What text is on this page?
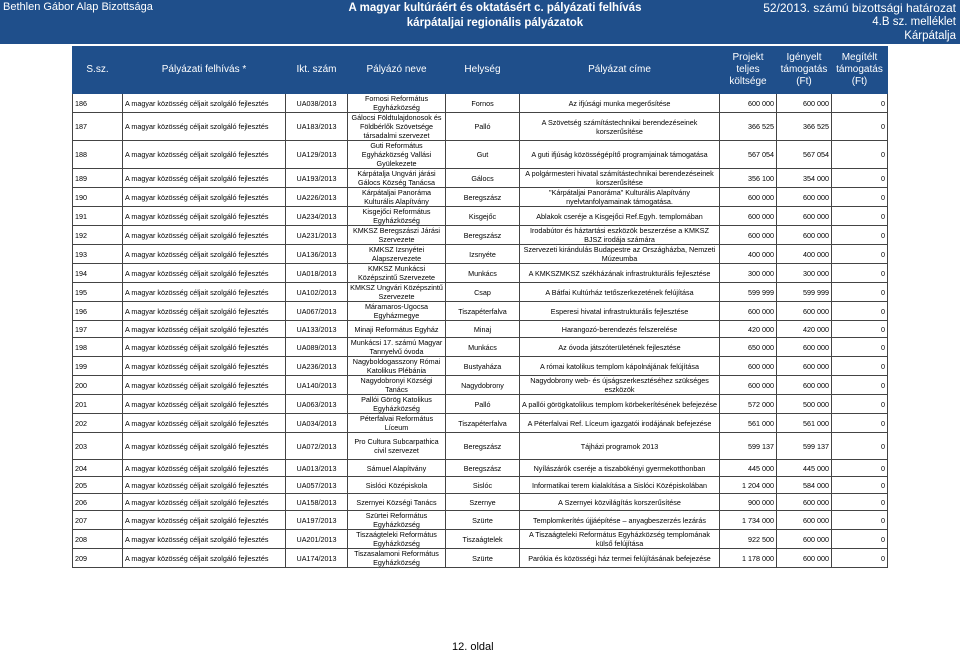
Bethlen Gábor Alap Bizottsága	A magyar kultúráért és oktatásért c. pályázati felhívás
kárpátaljai regionális pályázatok
52/2013. számú bizottsági határozat
4.B sz. melléklet
Kárpátalja
S.sz.	Pályázati felhívás *	Ikt. szám	Pályázó neve	Helység	Pályázat címe	Projekt teljes költsége	Igényelt támogatás (Ft)	Megítélt támogatás (Ft)
186	A magyar közösség céljait szolgáló fejlesztés	UA038/2013	Fornosi Református Egyházközség	Fornos	Az ifjúsági munka megerősítése	600 000	600 000	0
187	A magyar közösség céljait szolgáló fejlesztés	UA183/2013	Gálocsi Földtulajdonosok és Földbérlők Szövetsége társadalmi szervezet	Palló	A Szövetség számítástechnikai berendezéseinek korszerűsítése	366 525	366 525	0
188	A magyar közösség céljait szolgáló fejlesztés	UA129/2013	Guti Református Egyházközség Vallási Gyülekezete	Gut	A guti ifjúság közösségépítő programjainak támogatása	567 054	567 054	0
189	A magyar közösség céljait szolgáló fejlesztés	UA193/2013	Kárpátalja Ungvári járási Gálocs Község Tanácsa	Gálocs	A polgármesteri hivatal számítástechnikai berendezéseinek korszerűsítése	356 100	354 000	0
190	A magyar közösség céljait szolgáló fejlesztés	UA226/2013	Kárpátaljai Panoráma Kulturális Alapítvány	Beregszász	"Kárpátaljai Panoráma" Kulturális Alapítvány nyelvtanfolyamainak támogatása.	600 000	600 000	0
191	A magyar közösség céljait szolgáló fejlesztés	UA234/2013	Kisgejőci Református Egyházközség	Kisgejőc	Ablakok cseréje a Kisgejőci Ref.Egyh. templomában	600 000	600 000	0
192	A magyar közösség céljait szolgáló fejlesztés	UA231/2013	KMKSZ Beregszászi Járási Szervezete	Beregszász	Irodabútor és háztartási eszközök beszerzése a KMKSZ BJSZ irodája számára	600 000	600 000	0
193	A magyar közösség céljait szolgáló fejlesztés	UA136/2013	KMKSZ Izsnyétei Alapszervezete	Izsnyéte	Szervezeti kirándulás Budapestre az Országházba, Nemzeti Múzeumba	400 000	400 000	0
194	A magyar közösség céljait szolgáló fejlesztés	UA018/2013	KMKSZ Munkácsi Középszintű Szervezete	Munkács	A KMKSZMKSZ székházának infrastrukturális fejlesztése	300 000	300 000	0
195	A magyar közösség céljait szolgáló fejlesztés	UA102/2013	KMKSZ Ungvári Középszintű Szervezete	Csap	A Bátfai Kultúrház tetőszerkezetének felújítása	599 999	599 999	0
196	A magyar közösség céljait szolgáló fejlesztés	UA067/2013	Máramaros-Ugocsa Egyházmegye	Tiszapéterfalva	Esperesi hivatal infrastrukturális fejlesztése	600 000	600 000	0
197	A magyar közösség céljait szolgáló fejlesztés	UA133/2013	Minaji Református Egyház	Minaj	Harangozó-berendezés felszerelése	420 000	420 000	0
198	A magyar közösség céljait szolgáló fejlesztés	UA089/2013	Munkácsi 17. számú Magyar Tannyelvű óvoda	Munkács	Az óvoda játszóterületének fejlesztése	650 000	600 000	0
199	A magyar közösség céljait szolgáló fejlesztés	UA236/2013	Nagyboldogasszony Római Katolikus Plébánia	Bustyaháza	A római katolikus templom kápolnájának felújítása	600 000	600 000	0
200	A magyar közösség céljait szolgáló fejlesztés	UA140/2013	Nagydobronyi Községi Tanács	Nagydobrony	Nagydobrony web- és újságszerkesztéséhez szükséges eszközök	600 000	600 000	0
201	A magyar közösség céljait szolgáló fejlesztés	UA063/2013	Pallói Görög Katolikus Egyházközség	Palló	A pallói görögkatolikus templom körbekerítésének befejezése	572 000	500 000	0
202	A magyar közösség céljait szolgáló fejlesztés	UA034/2013	Péterfalvai Református Líceum	Tiszapéterfalva	A Péterfalvai Ref. Líceum igazgatói irodájának befejezése	561 000	561 000	0
203	A magyar közösség céljait szolgáló fejlesztés	UA072/2013	Pro Cultura Subcarpathica civil szervezet	Beregszász	Tájházi programok 2013	599 137	599 137	0
204	A magyar közösség céljait szolgáló fejlesztés	UA013/2013	Sámuel Alapítvány	Beregszász	Nyílászárók cseréje a tiszabökényi gyermekotthonban	445 000	445 000	0
205	A magyar közösség céljait szolgáló fejlesztés	UA057/2013	Sislóci Középiskola	Sislóc	Informatikai terem kialakítása a Sislóci Középiskolában	1 204 000	584 000	0
206	A magyar közösség céljait szolgáló fejlesztés	UA158/2013	Szernyei Községi Tanács	Szernye	A Szernyei közvilágítás korszerűsítése	900 000	600 000	0
207	A magyar közösség céljait szolgáló fejlesztés	UA197/2013	Szürtei Református Egyházközség	Szürte	Templomkerítés újjáépítése – anyagbeszerzés lezárás	1 734 000	600 000	0
208	A magyar közösség céljait szolgáló fejlesztés	UA201/2013	Tiszaágteleki Református Egyházközség	Tiszaágtelek	A Tiszaágteleki Református Egyházközség templomának külső felújítása	922 500	600 000	0
209	A magyar közösség céljait szolgáló fejlesztés	UA174/2013	Tiszasalamoni Református Egyházközség	Szürte	Parókia és közösségi ház termei felújításának befejezése	1 178 000	600 000	0
12. oldal
